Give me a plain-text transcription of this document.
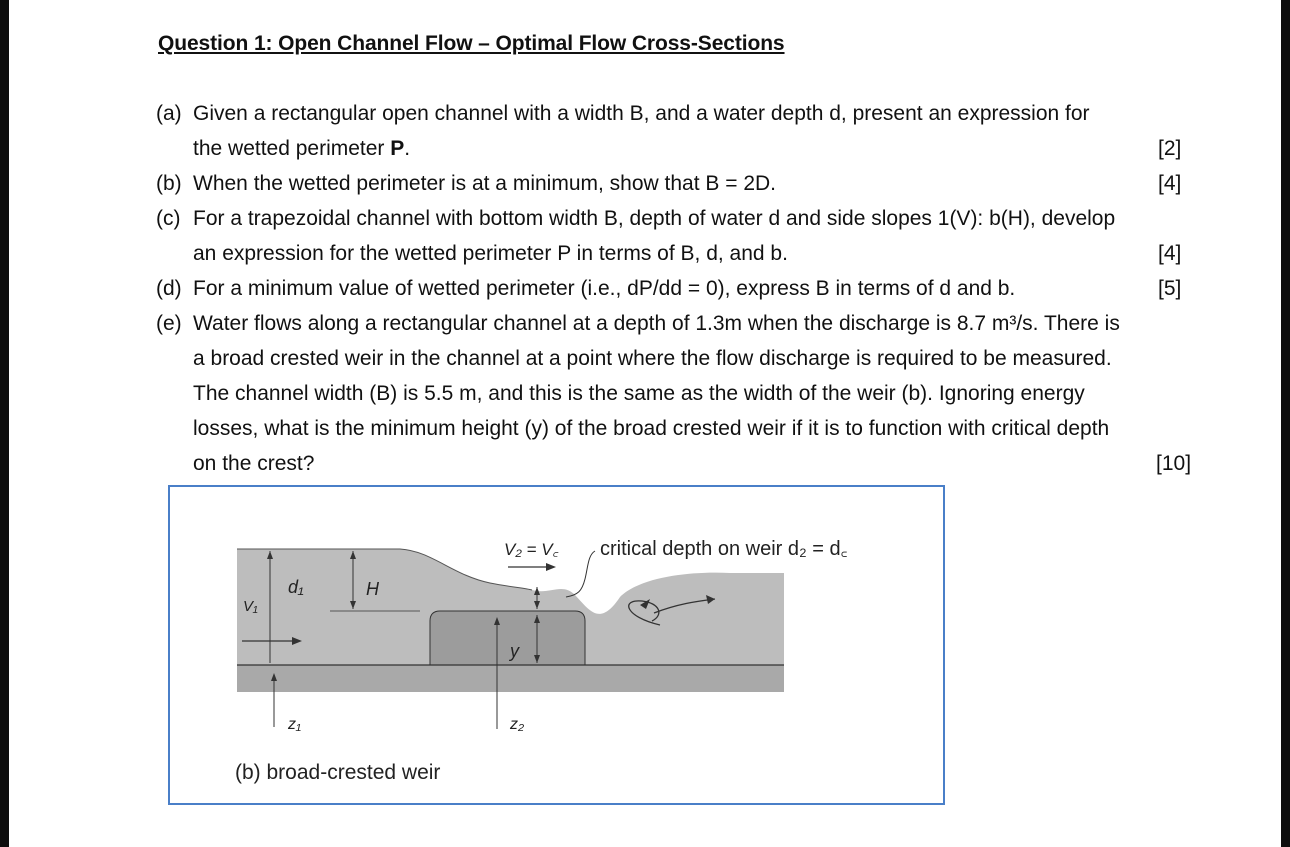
Question 1: Open Channel Flow – Optimal Flow Cross-Sections
(a) Given a rectangular open channel with a width B, and a water depth d, present an expression for
the wetted perimeter P.	[2]
(b) When the wetted perimeter is at a minimum, show that B = 2D.	[4]
(c) For a trapezoidal channel with bottom width B, depth of water d and side slopes 1(V): b(H), develop
an expression for the wetted perimeter P in terms of B, d, and b.	[4]
(d) For a minimum value of wetted perimeter (i.e., dP/dd = 0), express B in terms of d and b.	[5]
(e) Water flows along a rectangular channel at a depth of 1.3m when the discharge is 8.7 m³/s. There is
a broad crested weir in the channel at a point where the flow discharge is required to be measured.
The channel width (B) is 5.5 m, and this is the same as the width of the weir (b). Ignoring energy
losses, what is the minimum height (y) of the broad crested weir if it is to function with critical depth
on the crest?	[10]
critical depth on weir d₂ = d꜀
V₂ = V꜀
d₁	H
V₁
y
z₁	z₂
(b) broad-crested weir
